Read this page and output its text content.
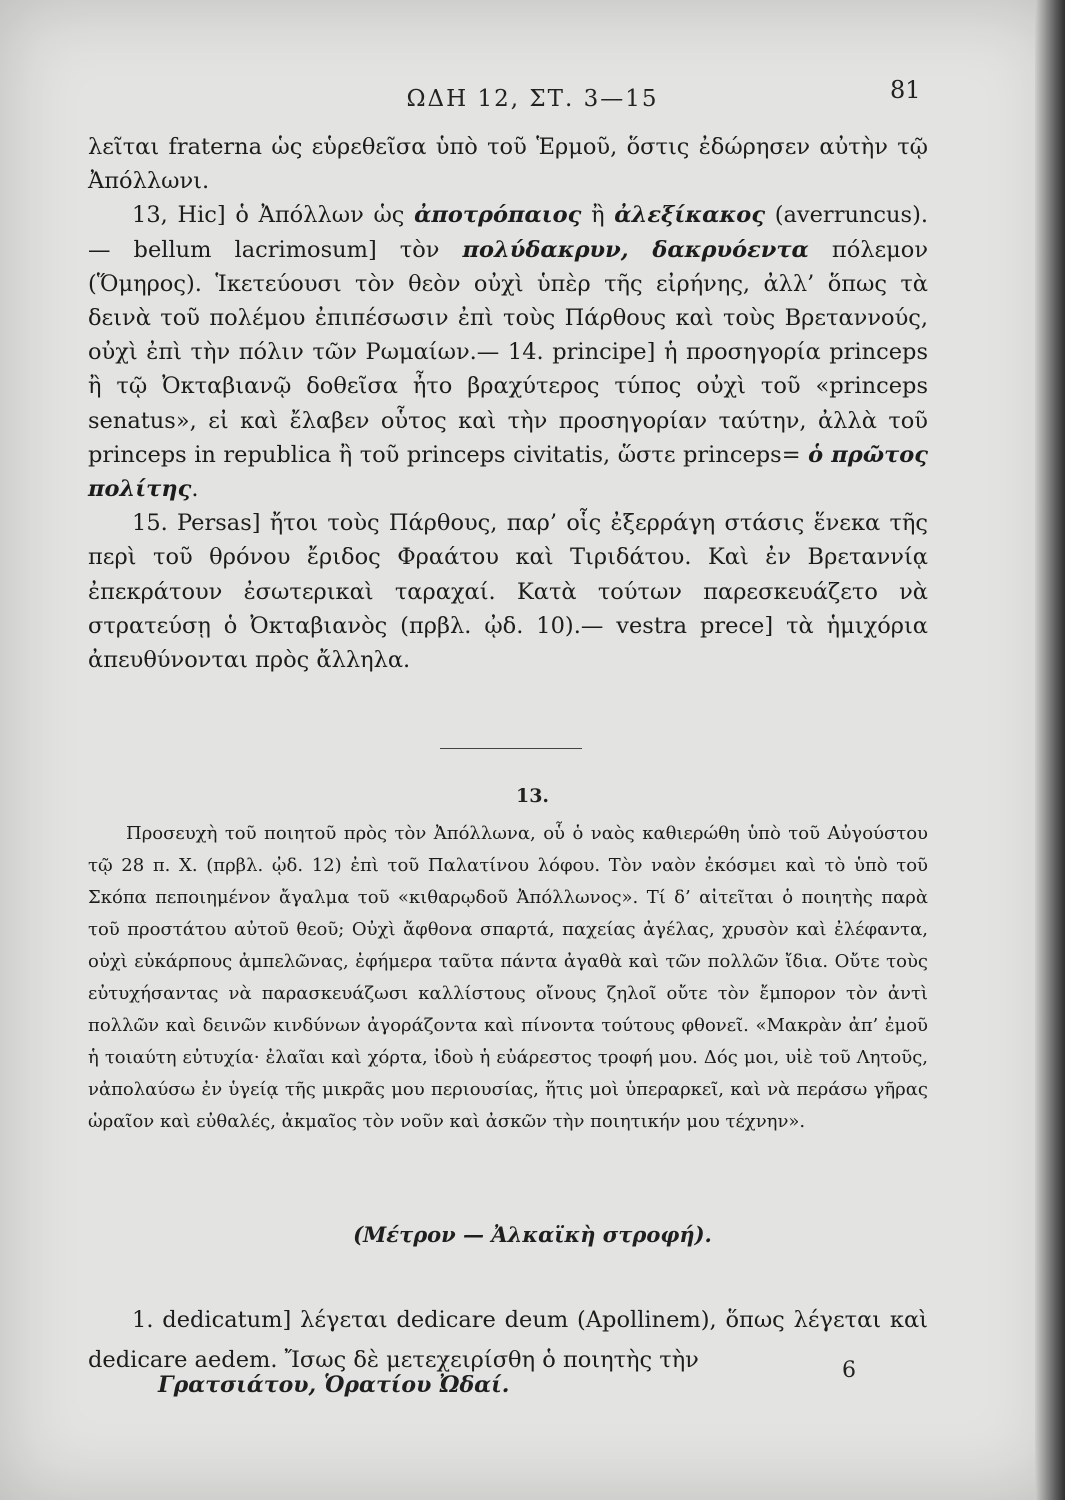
ΩΔΗ 12, ΣΤ. 3—15	81

λεῖται fraterna ὡς εὑρεθεῖσα ὑπὸ τοῦ Ἑρμοῦ, ὅστις ἐδώρησεν αὐτὴν τῷ Ἀπόλλωνι.

13, Hic] ὁ Ἀπόλλων ὡς ἀποτρόπαιος ἢ ἀλεξίκακος (averruncus).— bellum lacrimosum] τὸν πολύδακρυν, δακρυόεντα πόλεμον (Ὅμηρος). Ἱκετεύουσι τὸν θεὸν οὐχὶ ὑπὲρ τῆς εἰρήνης, ἀλλ’ ὅπως τὰ δεινὰ τοῦ πολέμου ἐπιπέσωσιν ἐπὶ τοὺς Πάρθους καὶ τοὺς Βρεταννούς, οὐχὶ ἐπὶ τὴν πόλιν τῶν Ρωμαίων.— 14. principe] ἡ προσηγορία princeps ἢ τῷ Ὀκταβιανῷ δοθεῖσα ἦτο βραχύτερος τύπος οὐχὶ τοῦ «princeps senatus», εἰ καὶ ἔλαβεν οὗτος καὶ τὴν προσηγορίαν ταύτην, ἀλλὰ τοῦ princeps in republica ἢ τοῦ princeps civitatis, ὥστε princeps= ὁ πρῶτος πολίτης.

15. Persas] ἤτοι τοὺς Πάρθους, παρ’ οἷς ἐξερράγη στάσις ἕνεκα τῆς περὶ τοῦ θρόνου ἔριδος Φραάτου καὶ Τιριδάτου. Καὶ ἐν Βρεταννίᾳ ἐπεκράτουν ἐσωτερικαὶ ταραχαί. Κατὰ τούτων παρεσκευάζετο νὰ στρατεύσῃ ὁ Ὀκταβιανὸς (πρβλ. ᾠδ. 10).— vestra prece] τὰ ἡμιχόρια ἀπευθύνονται πρὸς ἄλληλα.

13.

Προσευχὴ τοῦ ποιητοῦ πρὸς τὸν Ἀπόλλωνα, οὗ ὁ ναὸς καθιερώθη ὑπὸ τοῦ Αὐγούστου τῷ 28 π. Χ. (πρβλ. ᾠδ. 12) ἐπὶ τοῦ Παλατίνου λόφου. Τὸν ναὸν ἐκόσμει καὶ τὸ ὑπὸ τοῦ Σκόπα πεποιημένον ἄγαλμα τοῦ «κιθαρῳδοῦ Ἀπόλλωνος». Τί δ’ αἰτεῖται ὁ ποιητὴς παρὰ τοῦ προστάτου αὐτοῦ θεοῦ; Οὐχὶ ἄφθονα σπαρτά, παχείας ἀγέλας, χρυσὸν καὶ ἐλέφαντα, οὐχὶ εὐκάρπους ἀμπελῶνας, ἐφήμερα ταῦτα πάντα ἀγαθὰ καὶ τῶν πολλῶν ἴδια. Οὔτε τοὺς εὐτυχήσαντας νὰ παρασκευάζωσι καλλίστους οἴνους ζηλοῖ οὔτε τὸν ἔμπορον τὸν ἀντὶ πολλῶν καὶ δεινῶν κινδύνων ἀγοράζοντα καὶ πίνοντα τούτους φθονεῖ. «Μακρὰν ἀπ’ ἐμοῦ ἡ τοιαύτη εὐτυχία· ἐλαῖαι καὶ χόρτα, ἰδοὺ ἡ εὐάρεστος τροφή μου. Δός μοι, υἱὲ τοῦ Λητοῦς, νἀπολαύσω ἐν ὑγείᾳ τῆς μικρᾶς μου περιουσίας, ἥτις μοὶ ὑπεραρκεῖ, καὶ νὰ περάσω γῆρας ὡραῖον καὶ εὐθαλές, ἀκμαῖος τὸν νοῦν καὶ ἀσκῶν τὴν ποιητικήν μου τέχνην».

(Μέτρον — Ἀλκαϊκὴ στροφή).

1. dedicatum] λέγεται dedicare deum (Apollinem), ὅπως λέγεται καὶ dedicare aedem. Ἴσως δὲ μετεχειρίσθη ὁ ποιητὴς τὴν

Γρατσιάτου, Ὁρατίου Ὠδαί.
6
